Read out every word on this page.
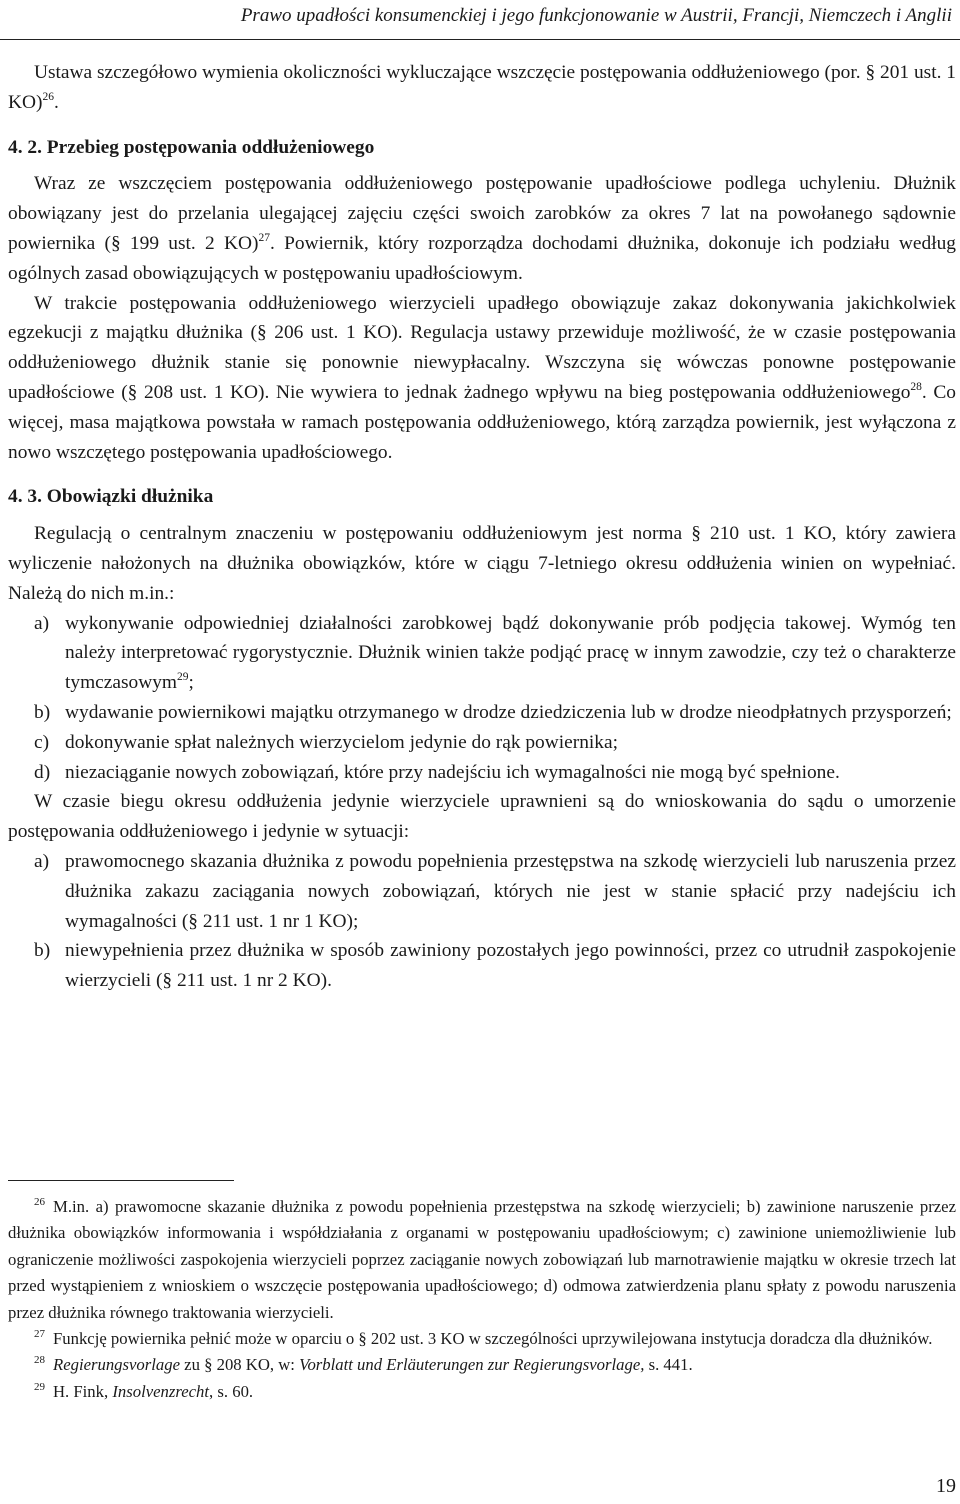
Prawo upadłości konsumenckiej i jego funkcjonowanie w Austrii, Francji, Niemczech i Anglii

Ustawa szczegółowo wymienia okoliczności wykluczające wszczęcie postępowania oddłużeniowego (por. § 201 ust. 1 KO)$^{26}$.

4. 2. Przebieg postępowania oddłużeniowego

Wraz ze wszczęciem postępowania oddłużeniowego postępowanie upadłościowe podlega uchyleniu. Dłużnik obowiązany jest do przelania ulegającej zajęciu części swoich zarobków za okres 7 lat na powołanego sądownie powiernika (§ 199 ust. 2 KO)$^{27}$. Powiernik, który rozporządza dochodami dłużnika, dokonuje ich podziału według ogólnych zasad obowiązujących w postępowaniu upadłościowym.

W trakcie postępowania oddłużeniowego wierzycieli upadłego obowiązuje zakaz dokonywania jakichkolwiek egzekucji z majątku dłużnika (§ 206 ust. 1 KO). Regulacja ustawy przewiduje możliwość, że w czasie postępowania oddłużeniowego dłużnik stanie się ponownie niewypłacalny. Wszczyna się wówczas ponowne postępowanie upadłościowe (§ 208 ust. 1 KO). Nie wywiera to jednak żadnego wpływu na bieg postępowania oddłużeniowego$^{28}$. Co więcej, masa majątkowa powstała w ramach postępowania oddłużeniowego, którą zarządza powiernik, jest wyłączona z nowo wszczętego postępowania upadłościowego.

4. 3. Obowiązki dłużnika

Regulacją o centralnym znaczeniu w postępowaniu oddłużeniowym jest norma § 210 ust. 1 KO, który zawiera wyliczenie nałożonych na dłużnika obowiązków, które w ciągu 7-letniego okresu oddłużenia winien on wypełniać. Należą do nich m.in.:

a) wykonywanie odpowiedniej działalności zarobkowej bądź dokonywanie prób podjęcia takowej. Wymóg ten należy interpretować rygorystycznie. Dłużnik winien także podjąć pracę w innym zawodzie, czy też o charakterze tymczasowym$^{29}$;
b) wydawanie powiernikowi majątku otrzymanego w drodze dziedziczenia lub w drodze nieodpłatnych przysporzeń;
c) dokonywanie spłat należnych wierzycielom jedynie do rąk powiernika;
d) niezaciąganie nowych zobowiązań, które przy nadejściu ich wymagalności nie mogą być spełnione.

W czasie biegu okresu oddłużenia jedynie wierzyciele uprawnieni są do wnioskowania do sądu o umorzenie postępowania oddłużeniowego i jedynie w sytuacji:

a) prawomocnego skazania dłużnika z powodu popełnienia przestępstwa na szkodę wierzycieli lub naruszenia przez dłużnika zakazu zaciągania nowych zobowiązań, których nie jest w stanie spłacić przy nadejściu ich wymagalności (§ 211 ust. 1 nr 1 KO);
b) niewypełnienia przez dłużnika w sposób zawiniony pozostałych jego powinności, przez co utrudnił zaspokojenie wierzycieli (§ 211 ust. 1 nr 2 KO).

$^{26}$ M.in. a) prawomocne skazanie dłużnika z powodu popełnienia przestępstwa na szkodę wierzycieli; b) zawinione naruszenie przez dłużnika obowiązków informowania i współdziałania z organami w postępowaniu upadłościowym; c) zawinione uniemożliwienie lub ograniczenie możliwości zaspokojenia wierzycieli poprzez zaciąganie nowych zobowiązań lub marnotrawienie majątku w okresie trzech lat przed wystąpieniem z wnioskiem o wszczęcie postępowania upadłościowego; d) odmowa zatwierdzenia planu spłaty z powodu naruszenia przez dłużnika równego traktowania wierzycieli.

$^{27}$ Funkcję powiernika pełnić może w oparciu o § 202 ust. 3 KO w szczególności uprzywilejowana instytucja doradcza dla dłużników.

$^{28}$ Regierungsvorlage zu § 208 KO, w: Vorblatt und Erläuterungen zur Regierungsvorlage, s. 441.

$^{29}$ H. Fink, Insolvenzrecht, s. 60.

19
